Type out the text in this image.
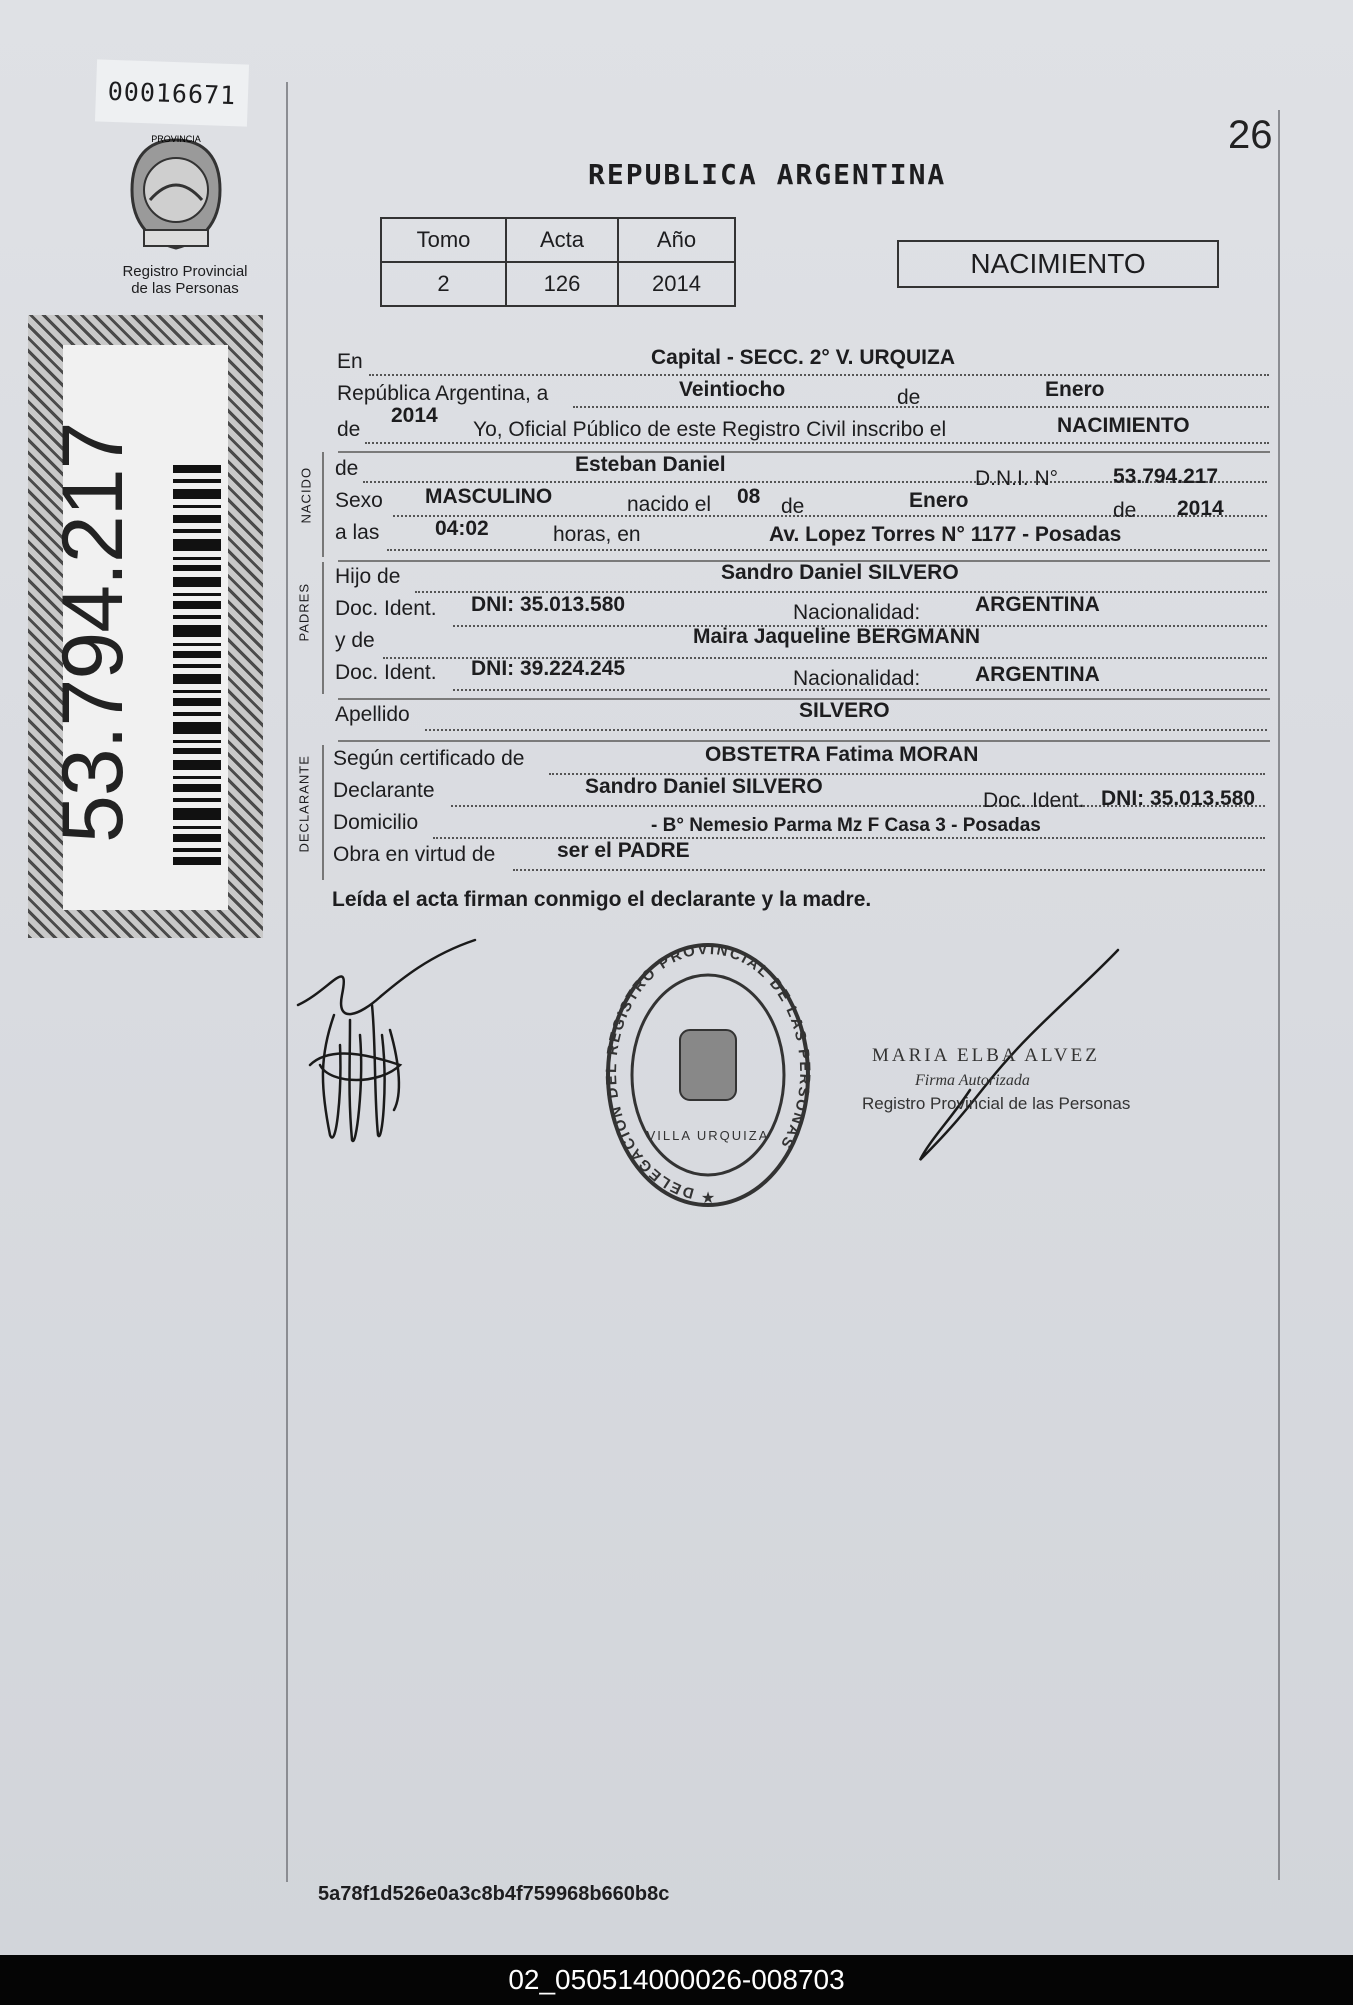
00016671
PROVINCIA
Registro Provincial
de las Personas
53.794.217
26
REPUBLICA ARGENTINA
Tomo	Acta	Año
2	126	2014
NACIMIENTO
En	Capital - SECC. 2° V. URQUIZA
República Argentina, a	Veintiocho	de	Enero
de
2014
Yo, Oficial Público de este Registro Civil inscribo el	NACIMIENTO
NACIDO de	Esteban Daniel
D.N.I. N°	53.794.217
Sexo MASCULINO	nacido el 08 de	Enero	de 2014
a las	04:02	horas, en	Av. Lopez Torres N° 1177 - Posadas
PADRES
Hijo de	Sandro Daniel SILVERO
Doc. Ident. DNI: 35.013.580	Nacionalidad:	ARGENTINA
y de	Maira Jaqueline BERGMANN
Doc. Ident. DNI: 39.224.245	Nacionalidad:	ARGENTINA
Apellido	SILVERO
DECLARANTE Según certificado de	OBSTETRA Fatima MORAN
Declarante	Sandro Daniel SILVERO
Doc. Ident. DNI: 35.013.580
Domicilio	- B° Nemesio Parma Mz F Casa 3 - Posadas
Obra en virtud de	ser el PADRE
Leída el acta firman conmigo el declarante y la madre.
DELEGACION DEL REGISTRO PROVINCIAL DE LAS PERSONAS
VILLA URQUIZA
★
MARIA ELBA ALVEZ
Firma Autorizada
Registro Provincial de las Personas
5a78f1d526e0a3c8b4f759968b660b8c
02_050514000026-008703
